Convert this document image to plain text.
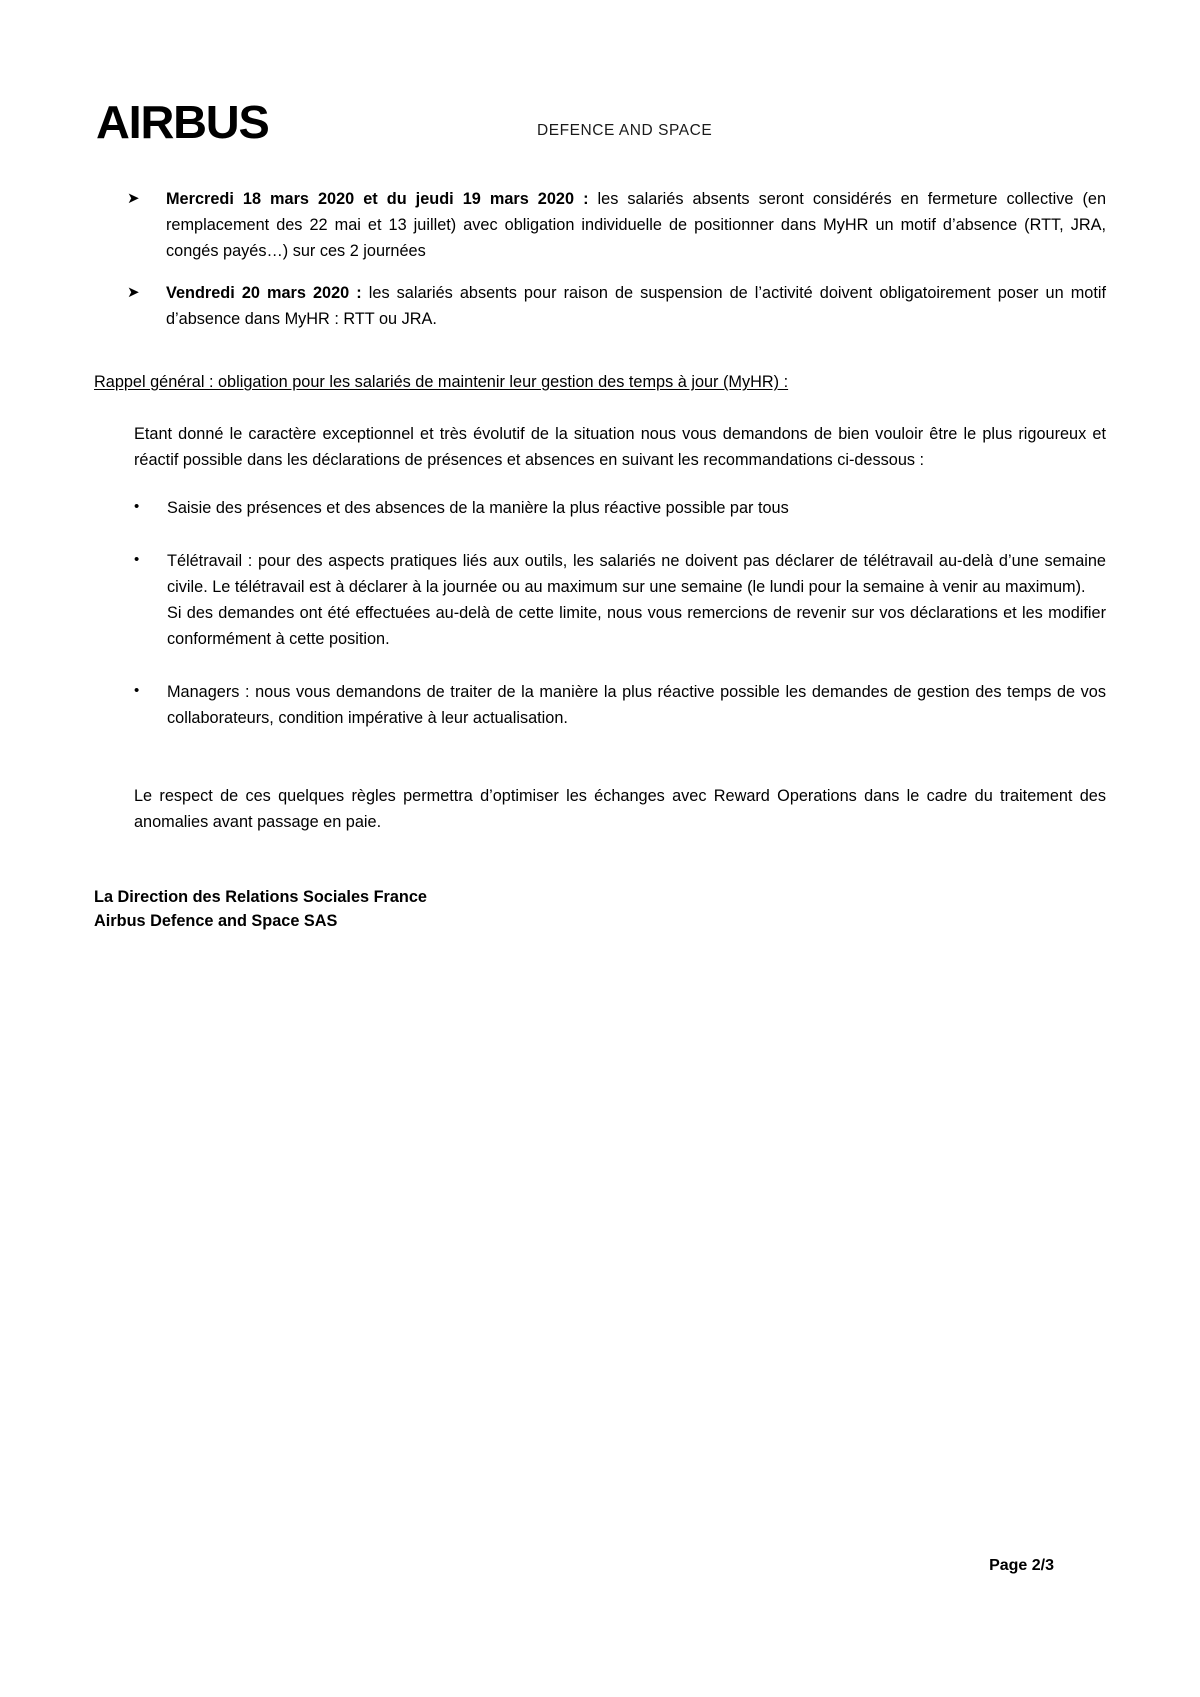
AIRBUS	DEFENCE AND SPACE
➤ Mercredi 18 mars 2020 et du jeudi 19 mars 2020 : les salariés absents seront considérés en fermeture collective (en remplacement des 22 mai et 13 juillet) avec obligation individuelle de positionner dans MyHR un motif d’absence (RTT, JRA, congés payés…) sur ces 2 journées
➤ Vendredi 20 mars 2020 : les salariés absents pour raison de suspension de l’activité doivent obligatoirement poser un motif d’absence dans MyHR : RTT ou JRA.
Rappel général : obligation pour les salariés de maintenir leur gestion des temps à jour (MyHR) :

Etant donné le caractère exceptionnel et très évolutif de la situation nous vous demandons de bien vouloir être le plus rigoureux et réactif possible dans les déclarations de présences et absences en suivant les recommandations ci-dessous :

• Saisie des présences et des absences de la manière la plus réactive possible par tous
• Télétravail : pour des aspects pratiques liés aux outils, les salariés ne doivent pas déclarer de télétravail au-delà d’une semaine civile. Le télétravail est à déclarer à la journée ou au maximum sur une semaine (le lundi pour la semaine à venir au maximum).
Si des demandes ont été effectuées au-delà de cette limite, nous vous remercions de revenir sur vos déclarations et les modifier conformément à cette position.
• Managers : nous vous demandons de traiter de la manière la plus réactive possible les demandes de gestion des temps de vos collaborateurs, condition impérative à leur actualisation.

Le respect de ces quelques règles permettra d’optimiser les échanges avec Reward Operations dans le cadre du traitement des anomalies avant passage en paie.

La Direction des Relations Sociales France
Airbus Defence and Space SAS
Page 2/3
